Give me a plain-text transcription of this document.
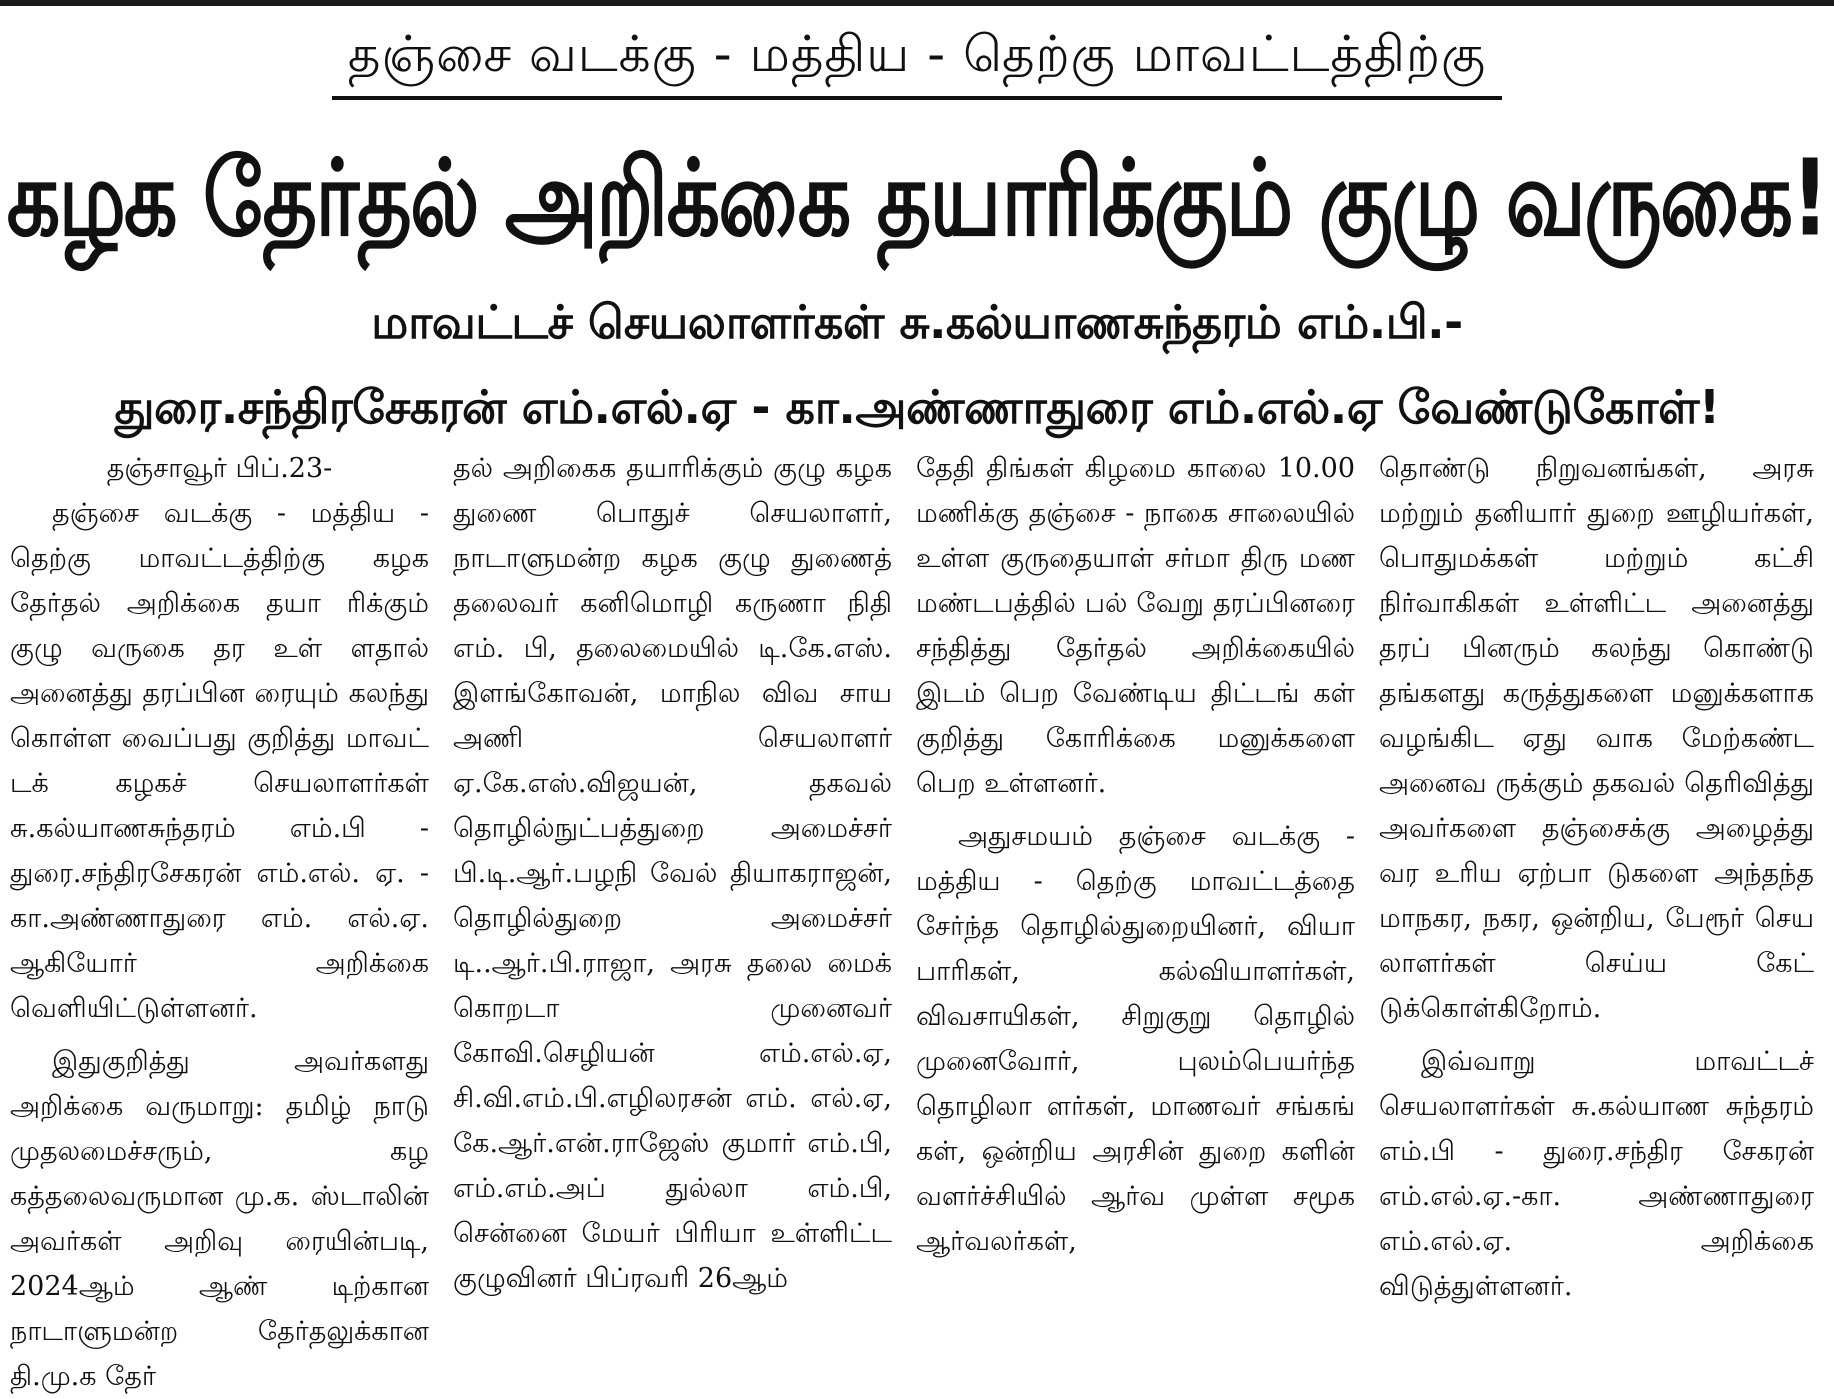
தஞ்சை வடக்கு - மத்திய - தெற்கு மாவட்டத்திற்கு
கழக தேர்தல் அறிக்கை தயாரிக்கும் குழு வருகை!
மாவட்டச் செயலாளர்கள் சு.கல்யாணசுந்தரம் எம்.பி.-
துரை.சந்திரசேகரன் எம்.எல்.ஏ - கா.அண்ணாதுரை எம்.எல்.ஏ வேண்டுகோள்!

தஞ்சாவூர் பிப்.23-

தஞ்சை வடக்கு - மத்திய - தெற்கு மாவட்டத்திற்கு கழக தேர்தல் அறிக்கை தயா ரிக்கும் குழு வருகை தர உள் ளதால் அனைத்து தரப்பின ரையும் கலந்து கொள்ள வைப்பது குறித்து மாவட் டக் கழகச் செயலாளர்கள் சு.கல்யாணசுந்தரம் எம்.பி - துரை.சந்திரசேகரன் எம்.எல். ஏ. - கா.அண்ணாதுரை எம். எல்.ஏ. ஆகியோர் அறிக்கை வெளியிட்டுள்ளனர்.

இதுகுறித்து அவர்களது அறிக்கை வருமாறு: தமிழ் நாடு முதலமைச்சரும், கழ கத்தலைவருமான மு.க. ஸ்டாலின் அவர்கள் அறிவு ரையின்படி, 2024ஆம் ஆண் டிற்கான நாடாளுமன்ற தேர்தலுக்கான தி.மு.க தேர்

தல் அறிகைக தயாரிக்கும் குழு கழக துணை பொதுச் செயலாளர், நாடாளுமன்ற கழக குழு துணைத் தலைவர் கனிமொழி கருணா நிதி எம். பி, தலைமையில் டி.கே.எஸ். இளங்கோவன், மாநில விவ சாய அணி செயலாளர் ஏ.கே.எஸ்.விஜயன், தகவல் தொழில்நுட்பத்துறை அமைச்சர் பி.டி.ஆர்.பழநி வேல் தியாகராஜன், தொழில்துறை அமைச்சர் டி..ஆர்.பி.ராஜா, அரசு தலை மைக் கொறடா முனைவர் கோவி.செழியன் எம்.எல்.ஏ, சி.வி.எம்.பி.எழிலரசன் எம். எல்.ஏ, கே.ஆர்.என்.ராஜேஸ் குமார் எம்.பி, எம்.எம்.அப் துல்லா எம்.பி, சென்னை மேயர் பிரியா உள்ளிட்ட குழுவினர் பிப்ரவரி 26ஆம்

தேதி திங்கள் கிழமை காலை 10.00 மணிக்கு தஞ்சை - நாகை சாலையில் உள்ள குருதையாள் சர்மா திரு மண மண்டபத்தில் பல் வேறு தரப்பினரை சந்தித்து தேர்தல் அறிக்கையில் இடம் பெற வேண்டிய திட்டங் கள் குறித்து கோரிக்கை மனுக்களை பெற உள்ளனர்.

அதுசமயம் தஞ்சை வடக்கு - மத்திய - தெற்கு மாவட்டத்தை சேர்ந்த தொழில்துறையினர், வியா பாரிகள், கல்வியாளர்கள், விவசாயிகள், சிறுகுறு தொழில் முனைவோர், புலம்பெயர்ந்த தொழிலா ளர்கள், மாணவர் சங்கங் கள், ஒன்றிய அரசின் துறை களின் வளர்ச்சியில் ஆர்வ முள்ள சமூக ஆர்வலர்கள்,

தொண்டு நிறுவனங்கள், அரசு மற்றும் தனியார் துறை ஊழியர்கள், பொதுமக்கள் மற்றும் கட்சி நிர்வாகிகள் உள்ளிட்ட அனைத்து தரப் பினரும் கலந்து கொண்டு தங்களது கருத்துகளை மனுக்களாக வழங்கிட ஏது வாக மேற்கண்ட அனைவ ருக்கும் தகவல் தெரிவித்து அவர்களை தஞ்சைக்கு அழைத்து வர உரிய ஏற்பா டுகளை அந்தந்த மாநகர, நகர, ஒன்றிய, பேரூர் செய லாளர்கள் செய்ய கேட் டுக்கொள்கிறோம்.

இவ்வாறு மாவட்டச் செயலாளர்கள் சு.கல்யாண சுந்தரம் எம்.பி - துரை.சந்திர சேகரன் எம்.எல்.ஏ.-கா. அண்ணாதுரை எம்.எல்.ஏ. அறிக்கை விடுத்துள்ளனர்.
